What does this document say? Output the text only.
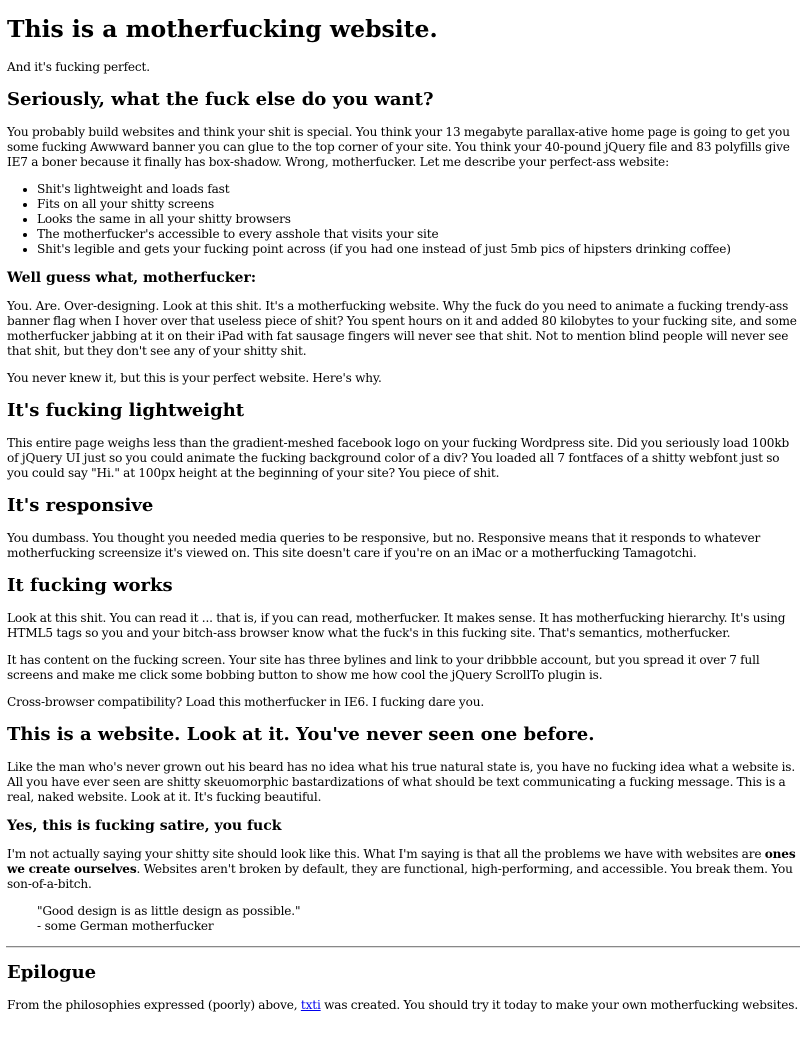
This is a motherfucking website.

And it's fucking perfect.

Seriously, what the fuck else do you want?

You probably build websites and think your shit is special. You think your 13 megabyte parallax-ative home page is going to get you some fucking Awwward banner you can glue to the top corner of your site. You think your 40-pound jQuery file and 83 polyfills give IE7 a boner because it finally has box-shadow. Wrong, motherfucker. Let me describe your perfect-ass website:

• Shit's lightweight and loads fast
• Fits on all your shitty screens
• Looks the same in all your shitty browsers
• The motherfucker's accessible to every asshole that visits your site
• Shit's legible and gets your fucking point across (if you had one instead of just 5mb pics of hipsters drinking coffee)
Well guess what, motherfucker:

You. Are. Over-designing. Look at this shit. It's a motherfucking website. Why the fuck do you need to animate a fucking trendy-ass banner flag when I hover over that useless piece of shit? You spent hours on it and added 80 kilobytes to your fucking site, and some motherfucker jabbing at it on their iPad with fat sausage fingers will never see that shit. Not to mention blind people will never see that shit, but they don't see any of your shitty shit.

You never knew it, but this is your perfect website. Here's why.

It's fucking lightweight

This entire page weighs less than the gradient-meshed facebook logo on your fucking Wordpress site. Did you seriously load 100kb of jQuery UI just so you could animate the fucking background color of a div? You loaded all 7 fontfaces of a shitty webfont just so you could say "Hi." at 100px height at the beginning of your site? You piece of shit.

It's responsive

You dumbass. You thought you needed media queries to be responsive, but no. Responsive means that it responds to whatever motherfucking screensize it's viewed on. This site doesn't care if you're on an iMac or a motherfucking Tamagotchi.

It fucking works

Look at this shit. You can read it ... that is, if you can read, motherfucker. It makes sense. It has motherfucking hierarchy. It's using HTML5 tags so you and your bitch-ass browser know what the fuck's in this fucking site. That's semantics, motherfucker.

It has content on the fucking screen. Your site has three bylines and link to your dribbble account, but you spread it over 7 full screens and make me click some bobbing button to show me how cool the jQuery ScrollTo plugin is.

Cross-browser compatibility? Load this motherfucker in IE6. I fucking dare you.

This is a website. Look at it. You've never seen one before.

Like the man who's never grown out his beard has no idea what his true natural state is, you have no fucking idea what a website is. All you have ever seen are shitty skeuomorphic bastardizations of what should be text communicating a fucking message. This is a real, naked website. Look at it. It's fucking beautiful.

Yes, this is fucking satire, you fuck

I'm not actually saying your shitty site should look like this. What I'm saying is that all the problems we have with websites are ones we create ourselves. Websites aren't broken by default, they are functional, high-performing, and accessible. You break them. You son-of-a-bitch.

"Good design is as little design as possible."
- some German motherfucker
Epilogue

From the philosophies expressed (poorly) above, txti was created. You should try it today to make your own motherfucking websites.
